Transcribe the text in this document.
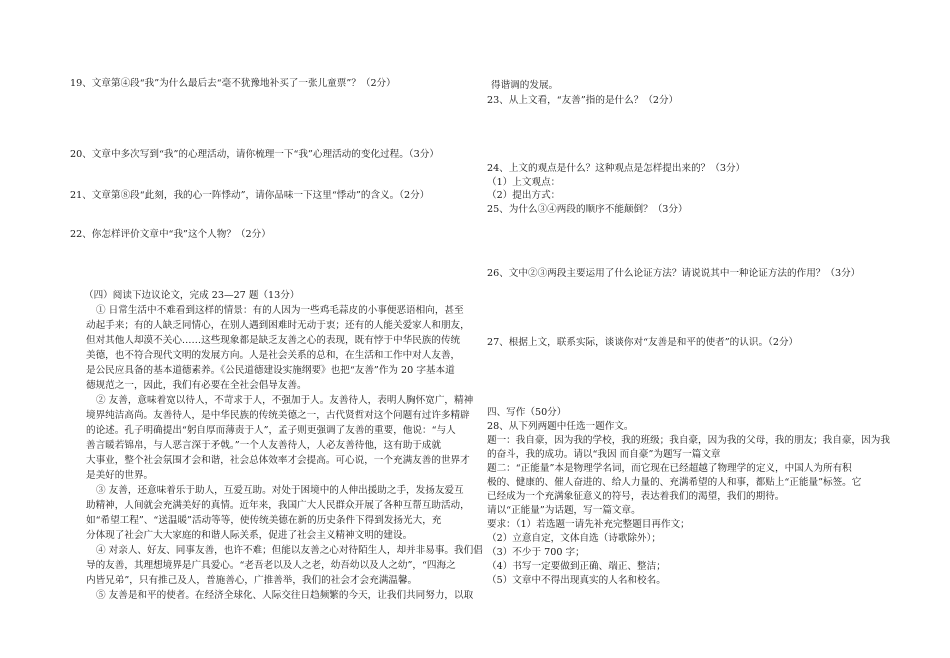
19、文章第④段“我”为什么最后去“毫不犹豫地补买了一张儿童票”？（2分）
20、文章中多次写到“我”的心理活动，请你梳理一下“我”心理活动的变化过程。（3分）
21、文章第⑧段“此刻，我的心一阵悸动”，请你品味一下这里“悸动”的含义。（2分）
22、你怎样评价文章中“我”这个人物？（2分）
（四）阅读下边议论文，完成 23—27 题（13分）
① 日常生活中不难看到这样的情景：有的人因为一些鸡毛蒜皮的小事便恶语相向，甚至
动起手来；有的人缺乏同情心，在别人遇到困难时无动于衷；还有的人能关爱家人和朋友，
但对其他人却漠不关心……这些现象都是缺乏友善之心的表现，既有悖于中华民族的传统
美德，也不符合现代文明的发展方向。人是社会关系的总和，在生活和工作中对人友善，
是公民应具备的基本道德素养。《公民道德建设实施纲要》也把“友善”作为 20 字基本道
德规范之一，因此，我们有必要在全社会倡导友善。
② 友善，意味着宽以待人，不苛求于人，不强加于人。友善待人，表明人胸怀宽广，精神
境界纯洁高尚。友善待人，是中华民族的传统美德之一，古代贤哲对这个问题有过许多精辟
的论述。孔子明确提出“躬自厚而薄责于人”，孟子则更强调了友善的重要，他说：“与人
善言暖若锦帛，与人恶言深于矛戟。”一个人友善待人，人必友善待他，这有助于成就
大事业，整个社会氛围才会和谐，社会总体效率才会提高。可心说，一个充满友善的世界才
是美好的世界。
③ 友善，还意味着乐于助人，互爱互助。对处于困境中的人伸出援助之手，发扬友爱互
助精神，人间就会充满美好的真情。近年来，我国广大人民群众开展了各种互帮互助活动，
如“希望工程”、“送温暖”活动等等，使传统美德在新的历史条件下得到发扬光大，充
分体现了社会广大大家庭的和谐人际关系，促进了社会主义精神文明的建设。
④ 对亲人、好友、同事友善，也许不难；但能以友善之心对待陌生人，却并非易事。我们倡
导的友善，其理想境界是广具爱心。“老吾老以及人之老，幼吾幼以及人之幼”，“四海之
内皆兄弟”，只有推己及人，普施善心，广推善举，我们的社会才会充满温馨。
⑤ 友善是和平的使者。在经济全球化、人际交往日趋频繁的今天，让我们共同努力，以取
得谐调的发展。
23、从上文看，“友善”指的是什么？（2分）
24、上文的观点是什么？这种观点是怎样提出来的？（3分）
（1）上文观点：
（2）提出方式：
25、为什么③④两段的顺序不能颠倒？（3分）
26、文中②③两段主要运用了什么论证方法？请说说其中一种论证方法的作用？（3分）
27、根据上文，联系实际，谈谈你对“友善是和平的使者”的认识。（2分）
四、写作（50分）
28、从下列两题中任选一题作文。
题一：我自豪，因为我的学校，我的班级；我自豪，因为我的父母，我的朋友；我自豪，因为我
的奋斗，我的成功。请以“我因 而自豪”为题写一篇文章
题二：“正能量”本是物理学名词，而它现在已经超越了物理学的定义，中国人为所有积
极的、健康的、催人奋进的、给人力量的、充满希望的人和事，都贴上“正能量”标签。它
已经成为一个充满象征意义的符号，表达着我们的渴望，我们的期待。
请以“正能量”为话题，写一篇文章。
要求：（1）若选题一请先补充完整题目再作文；
（2）立意自定，文体自选（诗歌除外）；
（3）不少于 700 字；
（4）书写一定要做到正确、端正、整洁；
（5）文章中不得出现真实的人名和校名。
